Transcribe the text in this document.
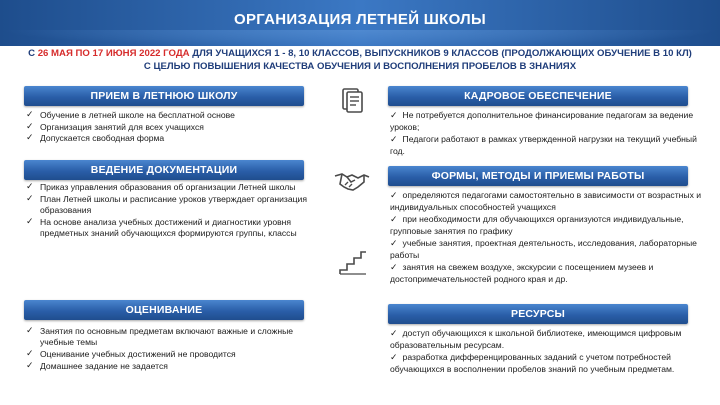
ОРГАНИЗАЦИЯ ЛЕТНЕЙ ШКОЛЫ
С 26 МАЯ ПО 17 ИЮНЯ 2022 ГОДА ДЛЯ УЧАЩИХСЯ 1 - 8, 10 КЛАССОВ, ВЫПУСКНИКОВ 9 КЛАССОВ (ПРОДОЛЖАЮЩИХ ОБУЧЕНИЕ В 10 КЛ)
С ЦЕЛЬЮ ПОВЫШЕНИЯ КАЧЕСТВА ОБУЧЕНИЯ И ВОСПОЛНЕНИЯ ПРОБЕЛОВ В ЗНАНИЯХ
ПРИЕМ В ЛЕТНЮЮ ШКОЛУ
✓ Обучение в летней школе на бесплатной основе
✓ Организация занятий для всех учащихся
✓ Допускается свободная форма
ВЕДЕНИЕ ДОКУМЕНТАЦИИ
✓ Приказ управления образования об организации Летней школы
✓ План Летней школы и расписание уроков утверждает организация образования
✓ На основе анализа учебных достижений и диагностики уровня предметных знаний обучающихся формируются группы, классы
ОЦЕНИВАНИЕ
✓ Занятия по основным предметам включают важные и сложные учебные темы
✓ Оценивание учебных достижений не проводится
✓ Домашнее задание не задается
КАДРОВОЕ ОБЕСПЕЧЕНИЕ
✓ Не потребуется дополнительное финансирование педагогам за ведение уроков;
✓ Педагоги работают в рамках утвержденной нагрузки на текущий учебный год.
ФОРМЫ, МЕТОДЫ И ПРИЕМЫ РАБОТЫ
✓ определяются педагогами самостоятельно в зависимости от возрастных и индивидуальных способностей учащихся
✓ при необходимости для обучающихся организуются индивидуальные, групповые занятия по графику
✓ учебные занятия, проектная деятельность, исследования, лабораторные работы
✓ занятия на свежем воздухе, экскурсии с посещением музеев и достопримечательностей родного края и др.
РЕСУРСЫ
✓ доступ обучающихся к школьной библиотеке, имеющимся цифровым образовательным ресурсам.
✓ разработка дифференцированных заданий с учетом потребностей обучающихся в восполнении пробелов знаний по учебным предметам.
